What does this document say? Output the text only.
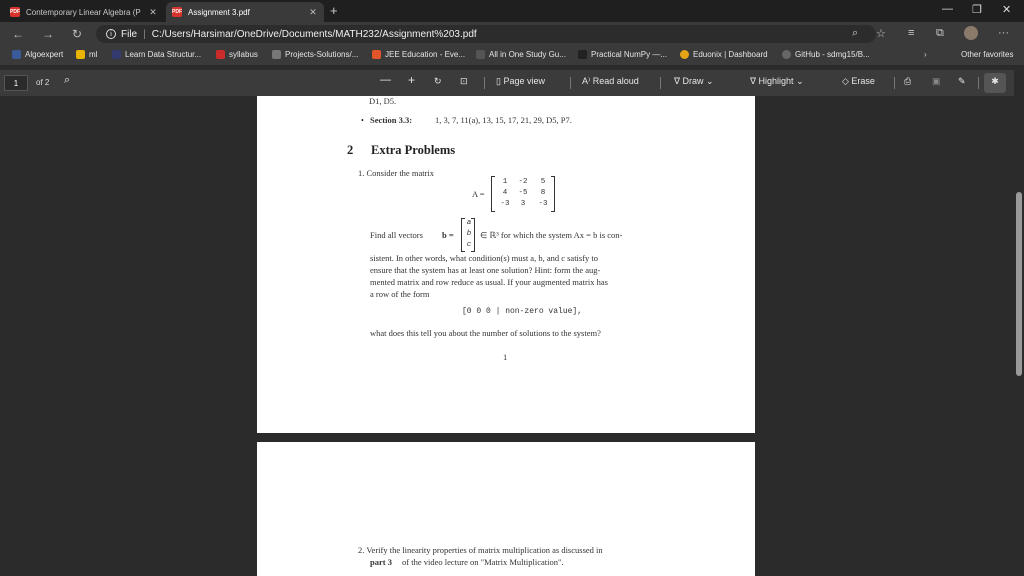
PDF Contemporary Linear Algebra (P ✕	PDF Assignment 3.pdf	✕ +	— ❐ ✕
← → ↻	i File | C:/Users/Harsimar/OneDrive/Documents/MATH232/Assignment%203.pdf	⌕ ☆ ≡ ⧉	···
Algoexpert	ml	Learn Data Structur...	syllabus	Projects-Solutions/...	JEE Education - Eve...	All in One Study Gu...	Practical NumPy —...	Eduonix | Dashboard	GitHub - sdmg15/B...	›	Other favorites
1	of 2 ⌕	— + ↻ ⊡	▯ Page view	A⁾ Read aloud	∇ Draw ⌄	∇ Highlight ⌄	◇ Erase	⎙ ▣ ✎	✱
D1, D5.
• Section 3.3:	1, 3, 7, 11(a), 13, 15, 17, 21, 29, D5, P7.
2 Extra Problems
1. Consider the matrix
A =
1	-2	5
4	-5	8
-3	3	-3
Find all vectors b =
a
b
c
∈ ℝ³ for which the system Ax = b is con-
sistent. In other words, what condition(s) must a, b, and c satisfy to
ensure that the system has at least one solution? Hint: form the aug-
mented matrix and row reduce as usual. If your augmented matrix has
a row of the form
[0 0 0 | non-zero value],
what does this tell you about the number of solutions to the system?
1
2. Verify the linearity properties of matrix multiplication as discussed in
part 3 of the video lecture on "Matrix Multiplication".
